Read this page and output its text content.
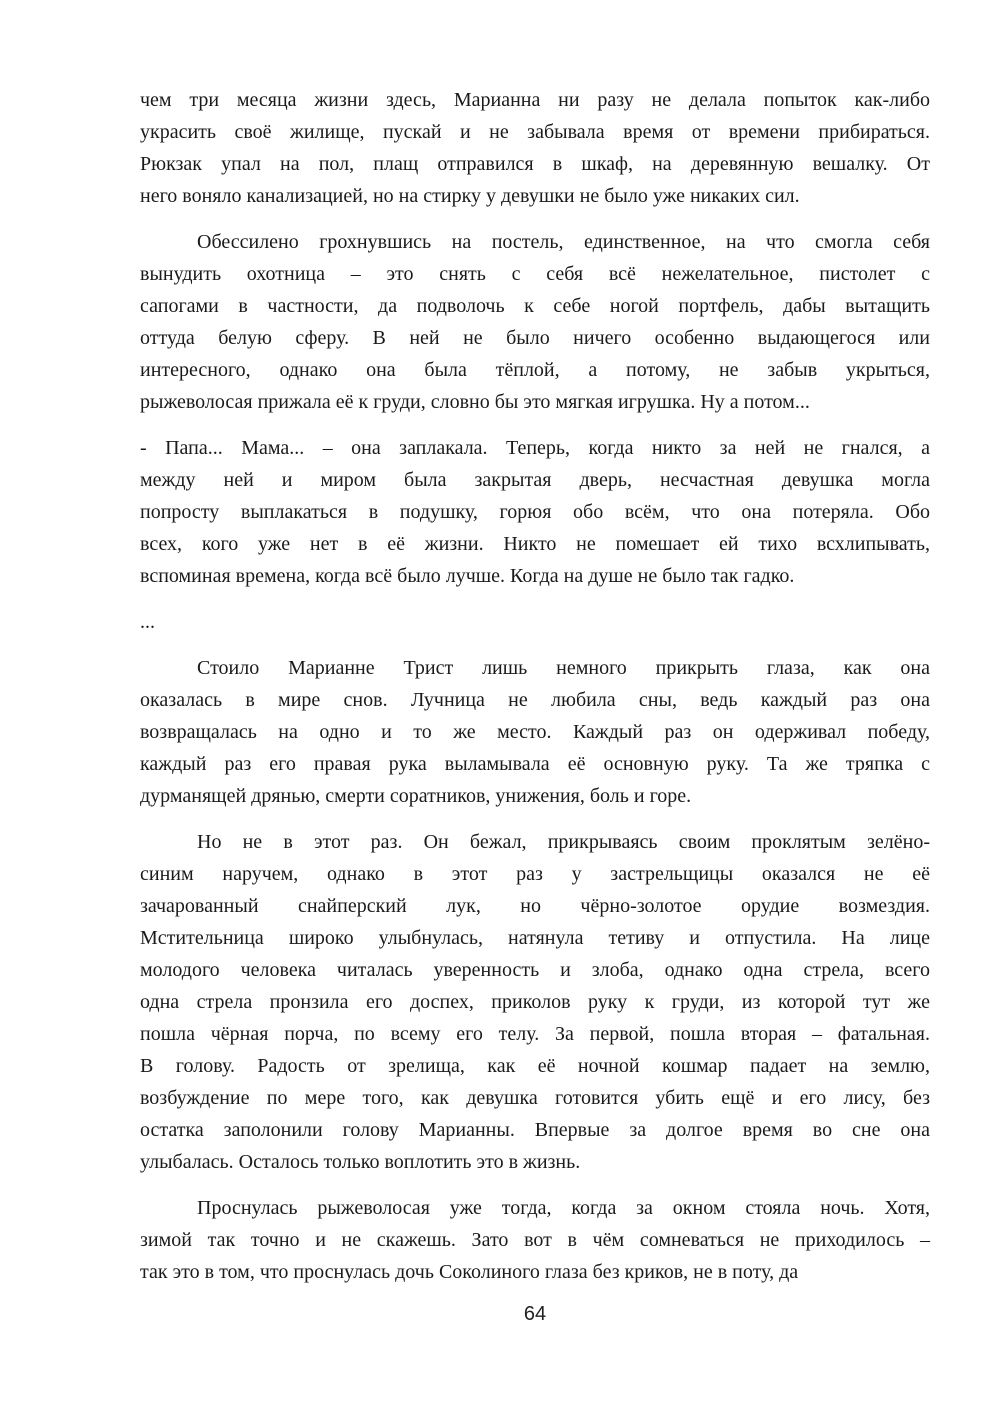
чем три месяца жизни здесь, Марианна ни разу не делала попыток как-либо
украсить своё жилище, пускай и не забывала время от времени прибираться.
Рюкзак упал на пол, плащ отправился в шкаф, на деревянную вешалку. От
него воняло канализацией, но на стирку у девушки не было уже никаких сил.
Обессилено грохнувшись на постель, единственное, на что смогла себя
вынудить охотница – это снять с себя всё нежелательное, пистолет с
сапогами в частности, да подволочь к себе ногой портфель, дабы вытащить
оттуда белую сферу. В ней не было ничего особенно выдающегося или
интересного, однако она была тёплой, а потому, не забыв укрыться,
рыжеволосая прижала её к груди, словно бы это мягкая игрушка. Ну а потом...
- Папа... Мама... – она заплакала. Теперь, когда никто за ней не гнался, а
между ней и миром была закрытая дверь, несчастная девушка могла
попросту выплакаться в подушку, горюя обо всём, что она потеряла. Обо
всех, кого уже нет в её жизни. Никто не помешает ей тихо всхлипывать,
вспоминая времена, когда всё было лучше. Когда на душе не было так гадко.
...
Стоило Марианне Трист лишь немного прикрыть глаза, как она
оказалась в мире снов. Лучница не любила сны, ведь каждый раз она
возвращалась на одно и то же место. Каждый раз он одерживал победу,
каждый раз его правая рука выламывала её основную руку. Та же тряпка с
дурманящей дрянью, смерти соратников, унижения, боль и горе.
Но не в этот раз. Он бежал, прикрываясь своим проклятым зелёно-
синим наручем, однако в этот раз у застрельщицы оказался не её
зачарованный снайперский лук, но чёрно-золотое орудие возмездия.
Мстительница широко улыбнулась, натянула тетиву и отпустила. На лице
молодого человека читалась уверенность и злоба, однако одна стрела, всего
одна стрела пронзила его доспех, приколов руку к груди, из которой тут же
пошла чёрная порча, по всему его телу. За первой, пошла вторая – фатальная.
В голову. Радость от зрелища, как её ночной кошмар падает на землю,
возбуждение по мере того, как девушка готовится убить ещё и его лису, без
остатка заполонили голову Марианны. Впервые за долгое время во сне она
улыбалась. Осталось только воплотить это в жизнь.
Проснулась рыжеволосая уже тогда, когда за окном стояла ночь. Хотя,
зимой так точно и не скажешь. Зато вот в чём сомневаться не приходилось –
так это в том, что проснулась дочь Соколиного глаза без криков, не в поту, да
64
